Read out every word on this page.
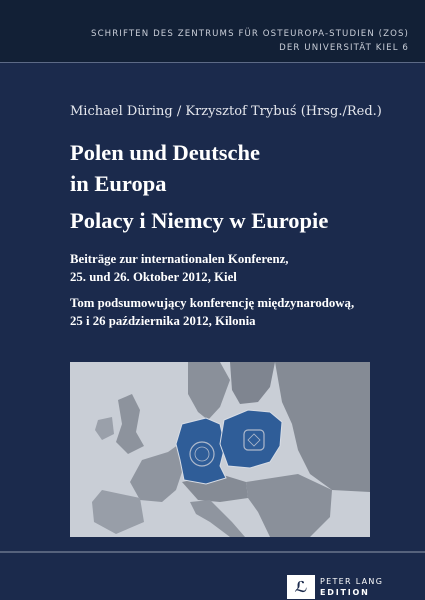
SCHRIFTEN DES ZENTRUMS FÜR OSTEUROPA-STUDIEN (ZOS)
DER UNIVERSITÄT KIEL 6
Michael Düring / Krzysztof Trybuś (Hrsg./Red.)
Polen und Deutsche
in Europa
Polacy i Niemcy w Europie
Beiträge zur internationalen Konferenz,
25. und 26. Oktober 2012, Kiel
Tom podsumowujący konferencję międzynarodową,
25 i 26 października 2012, Kilonia
ℒ	PETER LANG
EDITION
